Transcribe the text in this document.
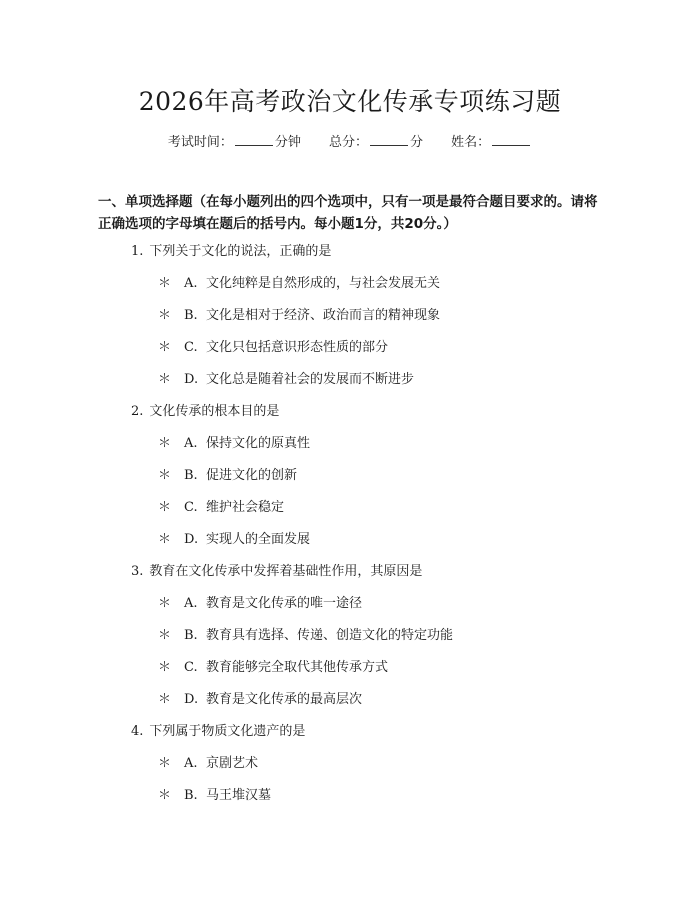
2026年高考政治文化传承专项练习题
考试时间：	分钟 总分：	分 姓名：
一、单项选择题（在每小题列出的四个选项中，只有一项是最符合题目要求的。请将正确选项的字母填在题后的括号内。每小题1分，共20分。）
1. 下列关于文化的说法，正确的是
＊ A. 文化纯粹是自然形成的，与社会发展无关
＊ B. 文化是相对于经济、政治而言的精神现象
＊ C. 文化只包括意识形态性质的部分
＊ D. 文化总是随着社会的发展而不断进步
2. 文化传承的根本目的是
＊ A. 保持文化的原真性
＊ B. 促进文化的创新
＊ C. 维护社会稳定
＊ D. 实现人的全面发展
3. 教育在文化传承中发挥着基础性作用，其原因是
＊ A. 教育是文化传承的唯一途径
＊ B. 教育具有选择、传递、创造文化的特定功能
＊ C. 教育能够完全取代其他传承方式
＊ D. 教育是文化传承的最高层次
4. 下列属于物质文化遗产的是
＊ A. 京剧艺术
＊ B. 马王堆汉墓
